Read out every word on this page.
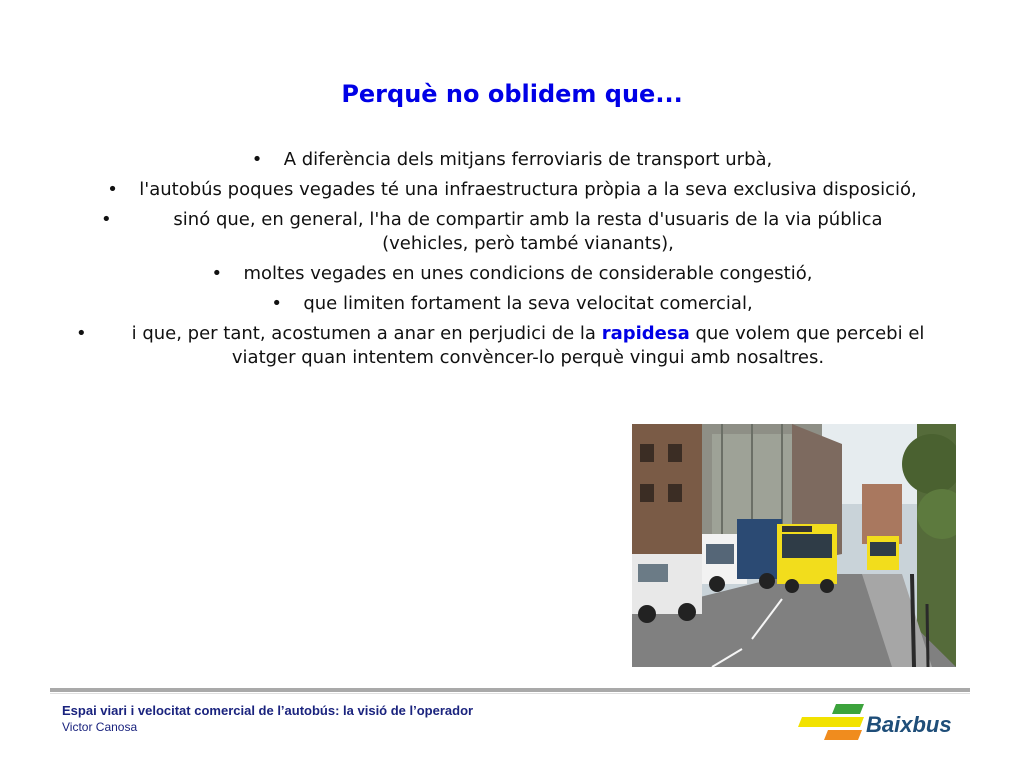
Perquè no oblidem que...
•	A diferència dels mitjans ferroviaris de transport urbà,
•	l'autobús poques vegades té una infraestructura pròpia a la seva exclusiva disposició,
•	sinó que, en general, l'ha de compartir amb la resta d'usuaris de la via pública (vehicles, però també vianants),
•	moltes vegades en unes condicions de considerable congestió,
•	que limiten fortament la seva velocitat comercial,
•	i que, per tant, acostumen a anar en perjudici de la rapidesa que volem que percebi el viatger quan intentem convèncer-lo perquè vingui amb nosaltres.
Espai viari i velocitat comercial de l’autobús: la visió de l’operador
Victor Canosa	Baixbus
